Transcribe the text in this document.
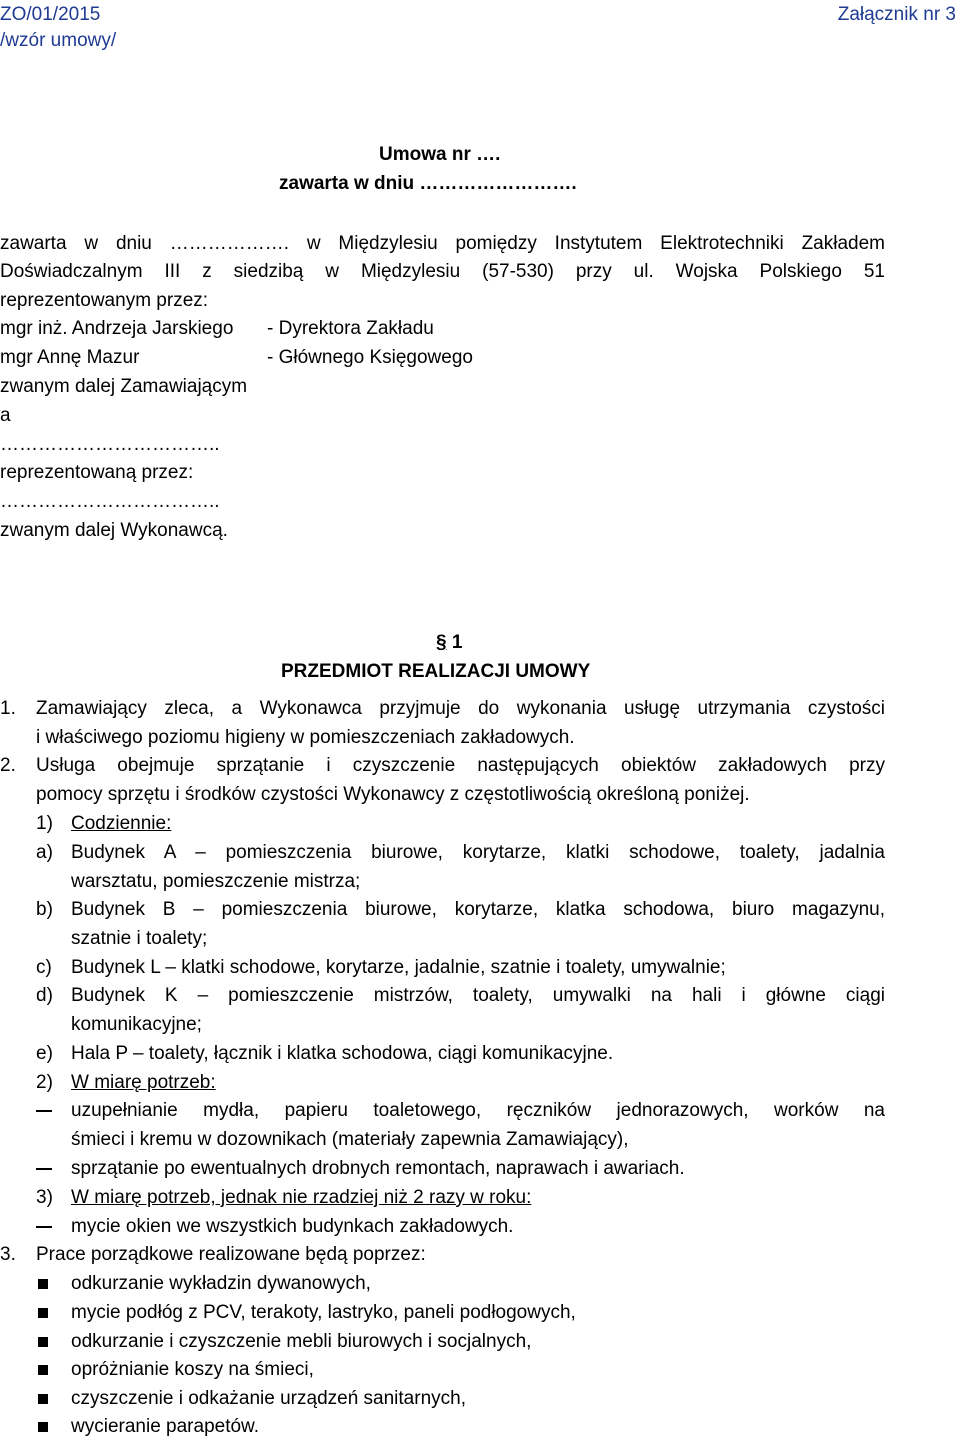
ZO/01/2015	Załącznik nr 3
/wzór umowy/
Umowa nr ….
zawarta w dniu …………………….
zawarta w dniu ………………. w Międzylesiu pomiędzy Instytutem Elektrotechniki Zakładem
Doświadczalnym III z siedzibą w Międzylesiu (57-530) przy ul. Wojska Polskiego 51
reprezentowanym przez:
mgr inż. Andrzeja Jarskiego - Dyrektora Zakładu
mgr Annę Mazur	- Głównego Księgowego
zwanym dalej Zamawiającym
a
……………………………..
reprezentowaną przez:
……………………………..
zwanym dalej Wykonawcą.
§ 1
PRZEDMIOT REALIZACJI UMOWY
1. Zamawiający zleca, a Wykonawca przyjmuje do wykonania usługę utrzymania czystości
i właściwego poziomu higieny w pomieszczeniach zakładowych.
2. Usługa obejmuje sprzątanie i czyszczenie następujących obiektów zakładowych przy
pomocy sprzętu i środków czystości Wykonawcy z częstotliwością określoną poniżej.
1) Codziennie:
a) Budynek A – pomieszczenia biurowe, korytarze, klatki schodowe, toalety, jadalnia
warsztatu, pomieszczenie mistrza;
b) Budynek B – pomieszczenia biurowe, korytarze, klatka schodowa, biuro magazynu,
szatnie i toalety;
c) Budynek L – klatki schodowe, korytarze, jadalnie, szatnie i toalety, umywalnie;
d) Budynek K – pomieszczenie mistrzów, toalety, umywalki na hali i główne ciągi
komunikacyjne;
e) Hala P – toalety, łącznik i klatka schodowa, ciągi komunikacyjne.
2) W miarę potrzeb:
uzupełnianie mydła, papieru toaletowego, ręczników jednorazowych, worków na
śmieci i kremu w dozownikach (materiały zapewnia Zamawiający),
sprzątanie po ewentualnych drobnych remontach, naprawach i awariach.
3) W miarę potrzeb, jednak nie rzadziej niż 2 razy w roku:
mycie okien we wszystkich budynkach zakładowych.
3. Prace porządkowe realizowane będą poprzez:
odkurzanie wykładzin dywanowych,
mycie podłóg z PCV, terakoty, lastryko, paneli podłogowych,
odkurzanie i czyszczenie mebli biurowych i socjalnych,
opróżnianie koszy na śmieci,
czyszczenie i odkażanie urządzeń sanitarnych,
wycieranie parapetów.
